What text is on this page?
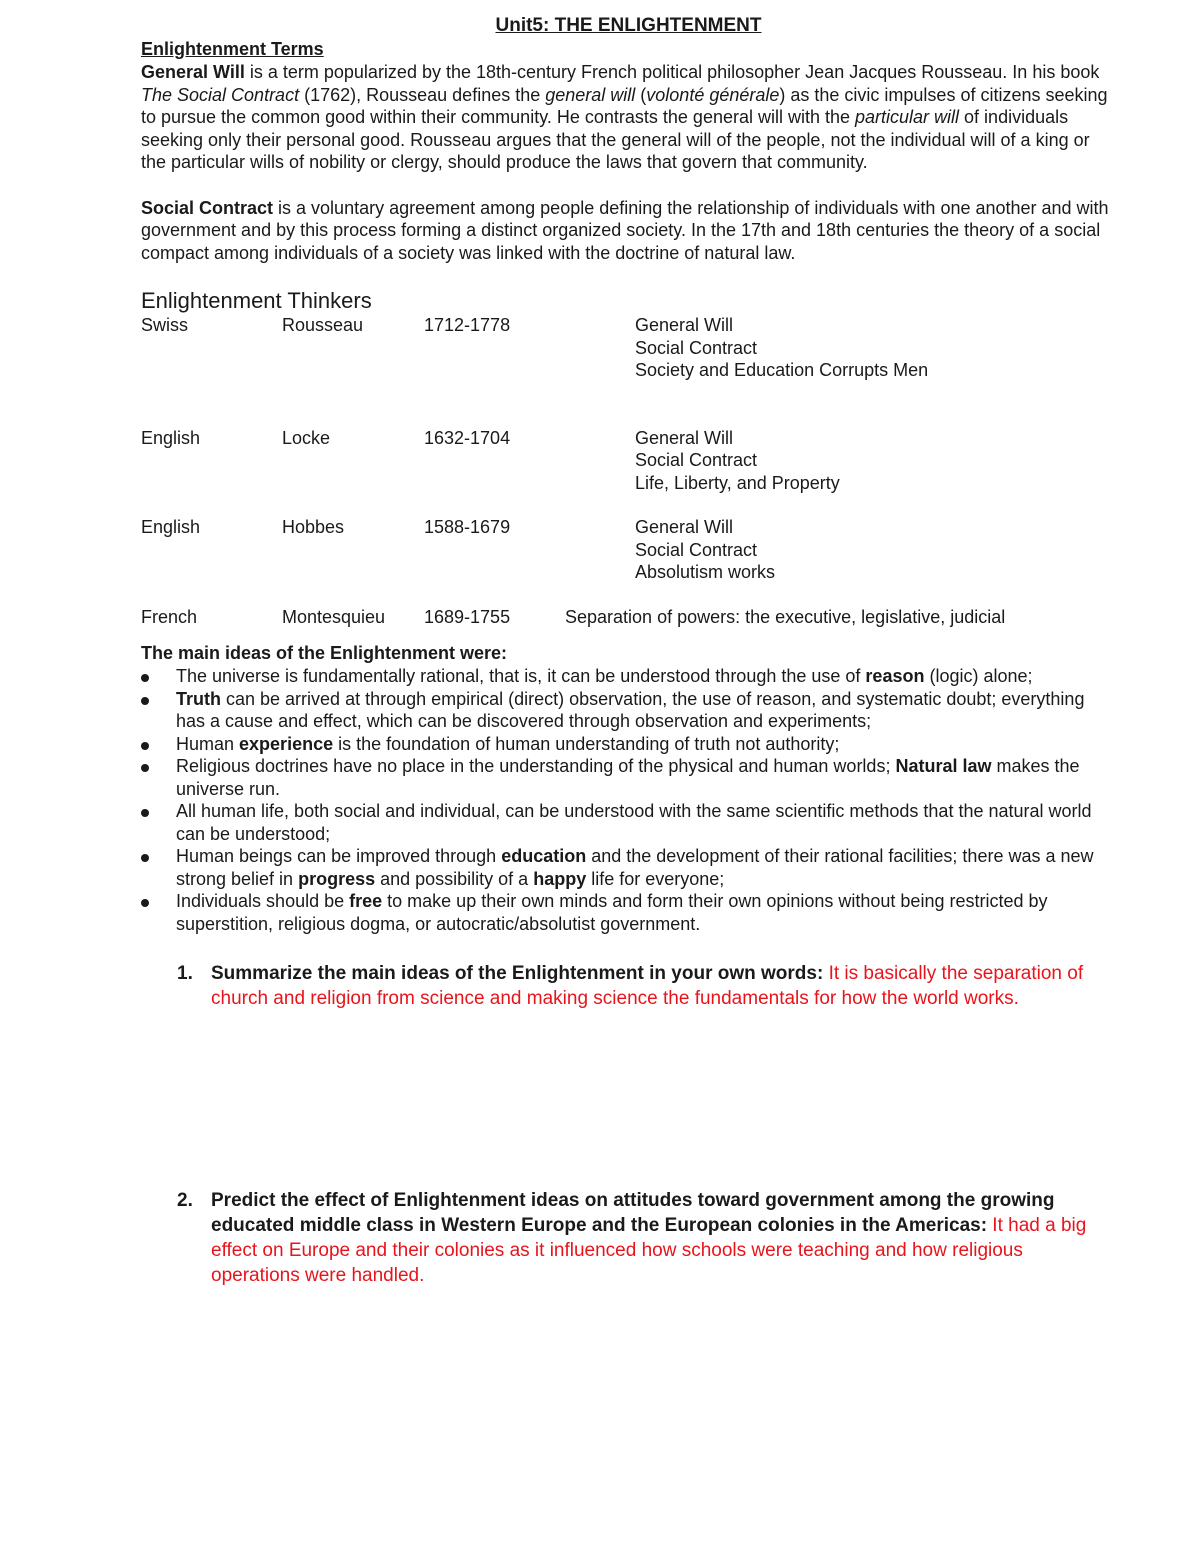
Unit5: THE ENLIGHTENMENT
Enlightenment Terms

General Will is a term popularized by the 18th-century French political philosopher Jean Jacques Rousseau. In his book The Social Contract (1762), Rousseau defines the general will (volonté générale) as the civic impulses of citizens seeking to pursue the common good within their community. He contrasts the general will with the particular will of individuals seeking only their personal good. Rousseau argues that the general will of the people, not the individual will of a king or the particular wills of nobility or clergy, should produce the laws that govern that community.

Social Contract is a voluntary agreement among people defining the relationship of individuals with one another and with government and by this process forming a distinct organized society. In the 17th and 18th centuries the theory of a social compact among individuals of a society was linked with the doctrine of natural law.

Enlightenment Thinkers
Swiss	Rousseau	1712-1778	General Will
Social Contract
Society and Education Corrupts Men

English	Locke	1632-1704	General Will
Social Contract
Life, Liberty, and Property

English	Hobbes	1588-1679	General Will
Social Contract
Absolutism works

French	Montesquieu	1689-1755	Separation of powers: the executive, legislative, judicial

The main ideas of the Enlightenment were:
The universe is fundamentally rational, that is, it can be understood through the use of reason (logic) alone;
Truth can be arrived at through empirical (direct) observation, the use of reason, and systematic doubt; everything has a cause and effect, which can be discovered through observation and experiments;
Human experience is the foundation of human understanding of truth not authority;
Religious doctrines have no place in the understanding of the physical and human worlds; Natural law makes the universe run.
All human life, both social and individual, can be understood with the same scientific methods that the natural world can be understood;
Human beings can be improved through education and the development of their rational facilities; there was a new strong belief in progress and possibility of a happy life for everyone;
Individuals should be free to make up their own minds and form their own opinions without being restricted by superstition, religious dogma, or autocratic/absolutist government.
1. Summarize the main ideas of the Enlightenment in your own words: It is basically the separation of church and religion from science and making science the fundamentals for how the world works.
2. Predict the effect of Enlightenment ideas on attitudes toward government among the growing educated middle class in Western Europe and the European colonies in the Americas: It had a big effect on Europe and their colonies as it influenced how schools were teaching and how religious operations were handled.
